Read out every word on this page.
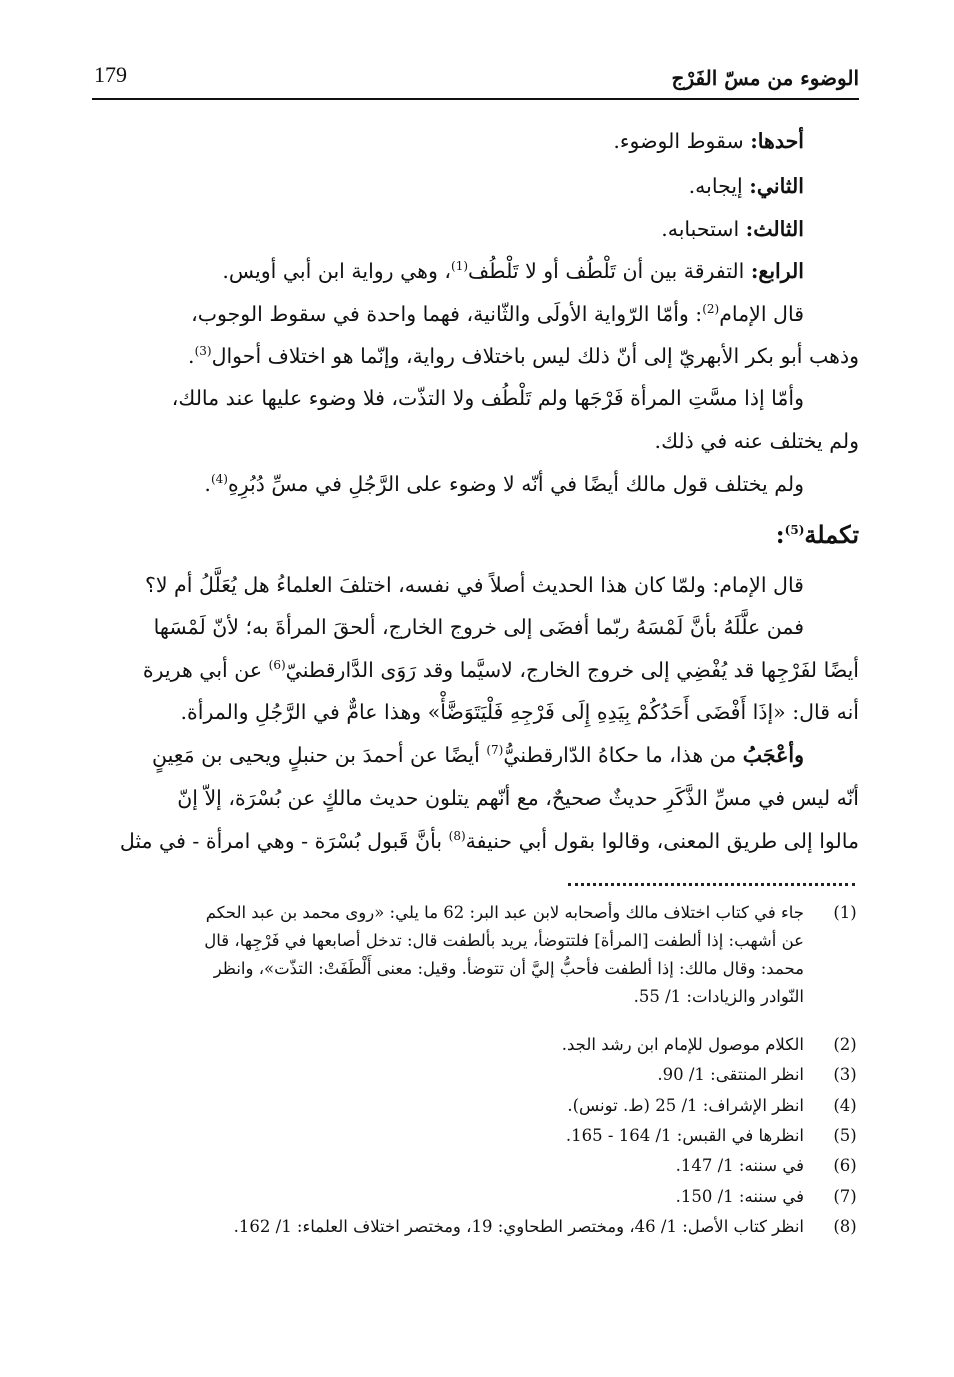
179	الوضوء من مسّ الفَرْج
أحدها: سقوط الوضوء.
الثاني: إيجابه.
الثالث: استحبابه.
الرابع: التفرقة بين أن تَلْطُف أو لا تَلْطُف$^{(1)}$، وهي رواية ابن أبي أويس.
قال الإمام$^{(2)}$: وأمّا الرّواية الأولَى والثّانية، فهما واحدة في سقوط الوجوب،
وذهب أبو بكر الأبهريّ إلى أنّ ذلك ليس باختلاف رواية، وإنّما هو اختلاف أحوال$^{(3)}$.
وأمّا إذا مسَّتِ المرأة فَرْجَها ولم تَلْطُف ولا التذّت، فلا وضوء عليها عند مالك،
ولم يختلف عنه في ذلك.
ولم يختلف قول مالك أيضًا في أنّه لا وضوء على الرَّجُلِ في مسِّ دُبُرِهِ$^{(4)}$.
تكملة$^{(5)}$:
قال الإمام: ولمّا كان هذا الحديث أصلاً في نفسه، اختلفَ العلماءُ هل يُعَلَّلُ أم لا؟
فمن علَّلَهُ بأنَّ لَمْسَهُ ربّما أفضَى إلى خروج الخارج، ألحقَ المرأةَ به؛ لأنّ لَمْسَها
أيضًا لفَرْجِها قد يُفْضِي إلى خروج الخارج، لاسيَّما وقد رَوَى الدَّارقطنيّ$^{(6)}$ عن أبي هريرة
أنه قال: «إذَا أَفْضَى أَحَدُكُمْ بِيَدِهِ إِلَى فَرْجِهِ فَلْيَتَوَضَّأْ» وهذا عامٌّ في الرَّجُلِ والمرأة.
وأعْجَبُ من هذا، ما حكاهُ الدّارقطنيُّ$^{(7)}$ أيضًا عن أحمدَ بن حنبلٍ ويحيى بن مَعِينٍ
أنّه ليس في مسِّ الذَّكَرِ حديثٌ صحيحٌ، مع أنّهم يتلون حديث مالكٍ عن بُسْرَة، إلاّ إنّ
مالوا إلى طريق المعنى، وقالوا بقول أبي حنيفة$^{(8)}$ بأنَّ قَبول بُسْرَة - وهي امرأة - في مثل
(1)
جاء في كتاب اختلاف مالك وأصحابه لابن عبد البر: 62 ما يلي: «روى محمد بن عبد الحكم
عن أشهب: إذا ألطفت [المرأة] فلتتوضأ، يريد بألطفت قال: تدخل أصابعها في فَرْجِها، قال
محمد: وقال مالك: إذا ألطفت فأحبُّ إليَّ أن تتوضأ. وقيل: معنى أَلْطَفَتْ: التذّت»، وانظر
النّوادر والزيادات: 1/ 55.
(2)
الكلام موصول للإمام ابن رشد الجد.
(3)
انظر المنتقى: 1/ 90.
(4)
انظر الإشراف: 1/ 25 (ط. تونس).
(5)
انظرها في القبس: 1/ 164 - 165.
(6)
في سننه: 1/ 147.
(7)
في سننه: 1/ 150.
(8)
انظر كتاب الأصل: 1/ 46، ومختصر الطحاوي: 19، ومختصر اختلاف العلماء: 1/ 162.
